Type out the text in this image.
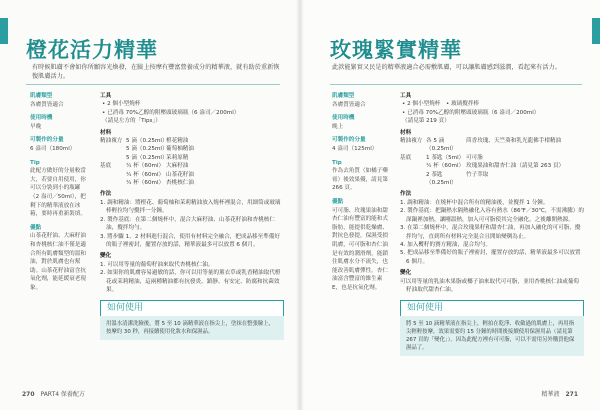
橙花活力精華
有時候肌膚不會如你所願容光煥發，在臉上按摩有豐富營養成分的精華液，就有助於重新恢復肌膚活力。
肌膚類型
各膚質皆適合
使用時機
早晚
可製作的分量
6 盎司（180ml）
Tip
此配方做好的分量較當大，若要自用使用，你可以分裝到小的瓶罐（2 盎司／50ml），把剩下的精華液放在冰箱，要時再重新裝填。
優點
山茶花籽油、大麻籽油和杏桃核仁油不僅是適合所有肌膚類型的溫和油，對於肌膚也有幫助。山茶花籽油富含抗氧化劑，能延緩衰老現象。
工具
• 2 個小型燒杯
• 已消毒 70%乙醇的附壓頭玻璃瓶（6 盎司／200ml）
（請見左方的「Tips」）
材料
精油複方 5 滴（0.25ml）
橙花精油
5 滴（0.25ml）
葡萄柚精油
5 滴（0.25ml）
茉莉原精
基底	¼ 杯（60ml） 大麻籽油
¼ 杯（60ml） 山茶花籽油
¼ 杯（60ml） 杏桃核仁油
作法
1. 調和精油：將橙花、葡萄柚和茉莉精油放入燒杯裡混合，用細筒或玻璃棒輕拉均勻攪拌一分鐘。
2. 製作基底：在第二個燒杯中，混合大麻籽油、山茶花籽油和杏桃核仁油，攪拌均勻。
3. 將步驟 1、2 材料進行混合，使用有材料完全融合，把成品移至準備好的瓶子裡密封，擺置存放的話，精華液最多可以放置 6 個月。
變化
1. 可以用等量的葡萄籽油來取代杏桃核仁油。
2. 如果你的肌膚容易過敏的話，你可以用等量的薰衣草或乳香精油取代橙花或茉莉精油，這兩種精油都有抗發炎、鎮靜、有安定、防腐和抗菌效果。
如何使用
用溫水清潔洗臉後，將 5 至 10 滴精華液在指尖上，塗抹在整張臉上，按摩約 30 秒，再接續使用化妝水和保濕品。
270 PART4 保養配方
玫瑰緊實精華
此款能緊實又民是的精華液適合必需敷肌膚，可以讓肌膚感到滋潤，看起來有活力。
肌膚類型
各膚質皆適合
使用時機
晚上
可製作的分量
4 盎司（125ml）
Tip
作為去角質（如橘子藥膏）後效果優，請見第 266 頁。
優點
可可脂、玫瑰果油和甜杏仁油有豐富的能和式脂肪，能提供乾燥膚、對抗色發提，保濕受損肌膚，可可脂和杏仁油是有效的潤滑劑，能鎖住肌膚水分不流失，也能改善肌膚彈性。杏仁油富含豐富的維生素 E，也是抗氧化劑。
工具
• 2 個小型燒杯　• 玻璃攪拌棒
• 已消毒 70%乙醇的附壓頭玻璃瓶（6 盎司／200ml）
（請見第 219 頁）
材料
精油複方 各 5 滴（0.25ml）
茴香玫瑰、天竺葵和乳光龍佛手柑精油
基底	1 茶匙（5ml） 可可脂
¼ 杯（60ml） 玫瑰果油和甜杏仁油（請見第 263 頁）
2 茶匙（0.25ml）
竹子萃取
作法
1. 調和精油：在燒杯中混合所有的精油後，並攪拌 1 分鐘。
2. 製作基底：把鍋熱水隔熱融化入容有熱水（86℉／30℃，不需沸騰）的深鍋裡加熱，讓剛溫熱，加入可可脂使其完全融化，之後離開熱源。
3. 在第二個燒杯中，混合玫瑰果籽和甜杏仁油，再加入融化的可可脂，攪拌均勻，直到所有材料完全混合且開始變稠為止。
4. 加入欖籽的賽方精油，混合均勻。
5. 把成品移至準備好的瓶子裡密封，擺置存放的話，精華液最多可以放置 6 個月。
變化
可以用等量的乳油木果脂或椰子油來取代可可脂，並用杏桃核仁油或葡萄籽油取代甜杏仁油。
如何使用
將 5 至 10 滴精華液在指尖上，輕拍在乾淨、收斂過的肌膚上，再用指尖輕輕按摩，效果需要約 15 分鐘的時間後接續使用保濕用品（請見第 267 頁的「變化」）。因為此配方裡有可可脂，可以不需用另外購買他保濕品了。
精華液 271
